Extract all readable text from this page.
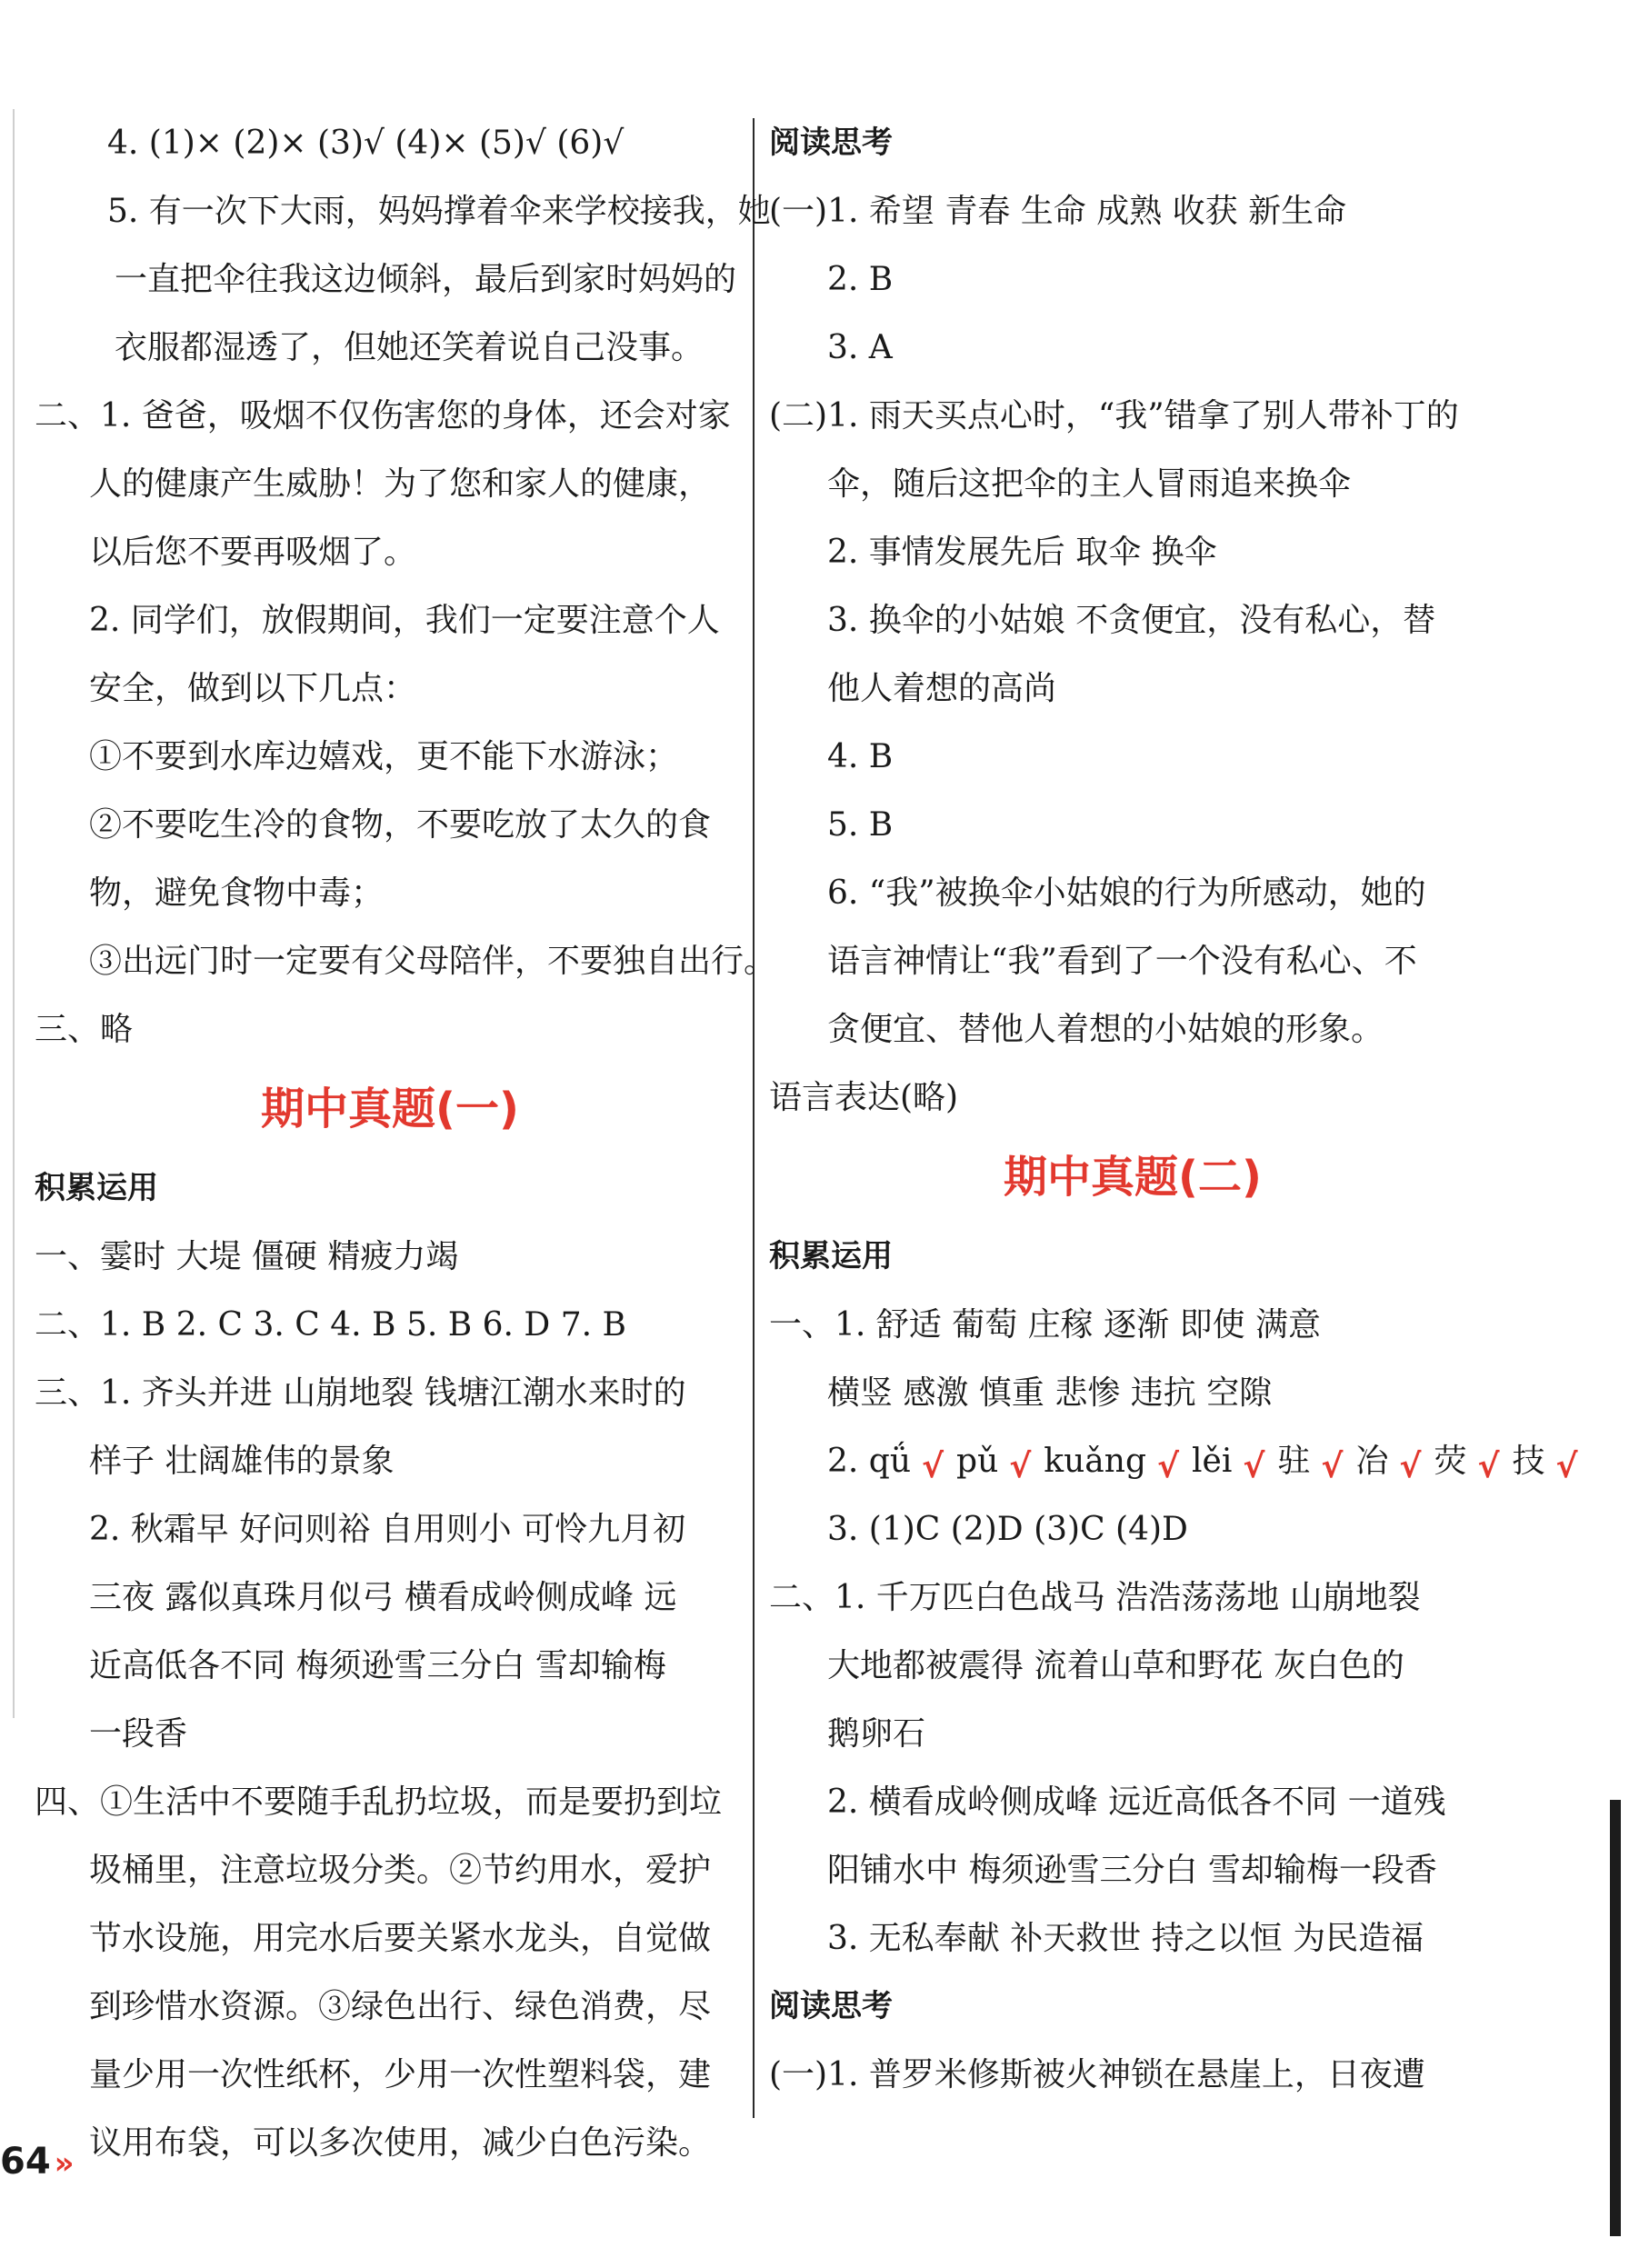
4. (1)× (2)× (3)√ (4)× (5)√ (6)√
5. 有一次下大雨，妈妈撑着伞来学校接我，她
一直把伞往我这边倾斜，最后到家时妈妈的
衣服都湿透了，但她还笑着说自己没事。
二、1. 爸爸，吸烟不仅伤害您的身体，还会对家
人的健康产生威胁！为了您和家人的健康，
以后您不要再吸烟了。
2. 同学们，放假期间，我们一定要注意个人
安全，做到以下几点：
①不要到水库边嬉戏，更不能下水游泳；
②不要吃生冷的食物，不要吃放了太久的食
物，避免食物中毒；
③出远门时一定要有父母陪伴，不要独自出行。
三、略
期中真题(一)
积累运用
一、霎时 大堤 僵硬 精疲力竭
二、1. B 2. C 3. C 4. B 5. B 6. D 7. B
三、1. 齐头并进 山崩地裂 钱塘江潮水来时的
样子 壮阔雄伟的景象
2. 秋霜早 好问则裕 自用则小 可怜九月初
三夜 露似真珠月似弓 横看成岭侧成峰 远
近高低各不同 梅须逊雪三分白 雪却输梅
一段香
四、①生活中不要随手乱扔垃圾，而是要扔到垃
圾桶里，注意垃圾分类。②节约用水，爱护
节水设施，用完水后要关紧水龙头，自觉做
到珍惜水资源。③绿色出行、绿色消费，尽
量少用一次性纸杯，少用一次性塑料袋，建
议用布袋，可以多次使用，减少白色污染。
阅读思考
(一)1. 希望 青春 生命 成熟 收获 新生命
2. B
3. A
(二)1. 雨天买点心时，“我”错拿了别人带补丁的
伞，随后这把伞的主人冒雨追来换伞
2. 事情发展先后 取伞 换伞
3. 换伞的小姑娘 不贪便宜，没有私心，替
他人着想的高尚
4. B
5. B
6. “我”被换伞小姑娘的行为所感动，她的
语言神情让“我”看到了一个没有私心、不
贪便宜、替他人着想的小姑娘的形象。
语言表达(略)
期中真题(二)
积累运用
一、1. 舒适 葡萄 庄稼 逐渐 即使 满意
横竖 感激 慎重 悲惨 违抗 空隙
2. qǘ √ pǔ √ kuǎng √ lěi √ 驻 √ 冶 √ 荧 √ 技 √
3. (1)C (2)D (3)C (4)D
二、1. 千万匹白色战马 浩浩荡荡地 山崩地裂
大地都被震得 流着山草和野花 灰白色的
鹅卵石
2. 横看成岭侧成峰 远近高低各不同 一道残
阳铺水中 梅须逊雪三分白 雪却输梅一段香
3. 无私奉献 补天救世 持之以恒 为民造福
阅读思考
(一)1. 普罗米修斯被火神锁在悬崖上，日夜遭
64 »
